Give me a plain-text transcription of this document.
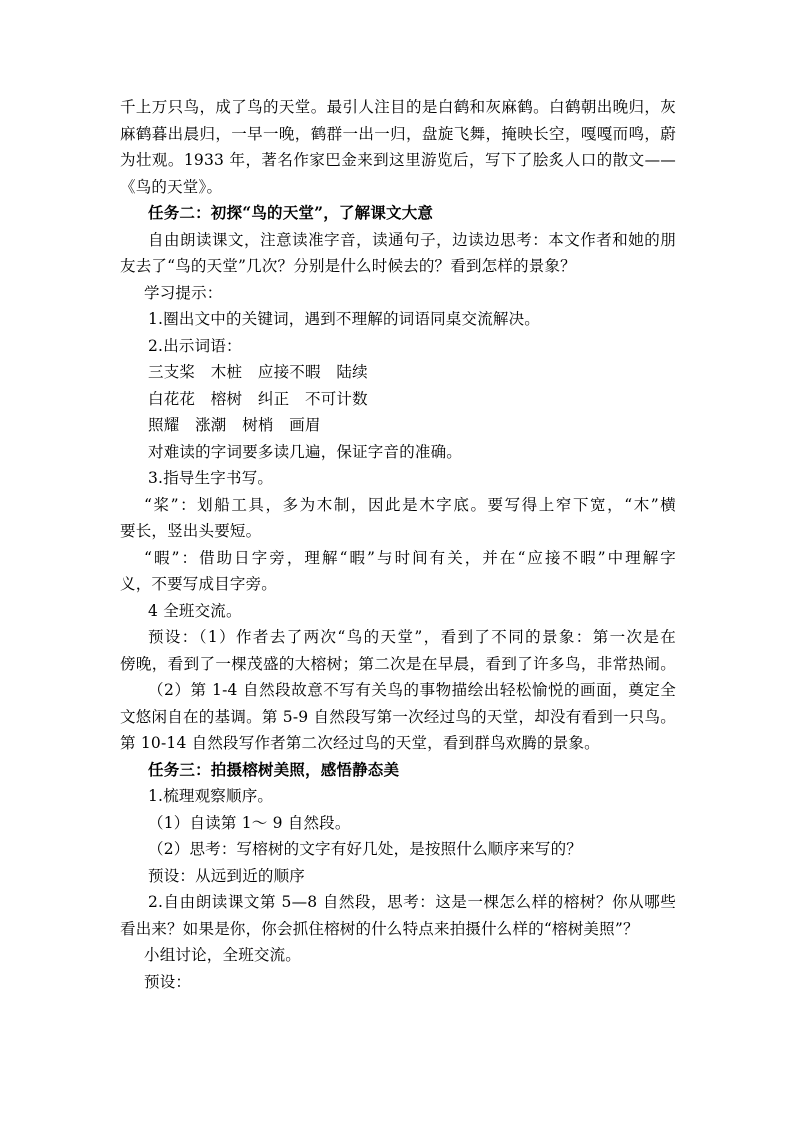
千上万只鸟，成了鸟的天堂。最引人注目的是白鹤和灰麻鹤。白鹤朝出晚归，灰
麻鹤暮出晨归，一早一晚，鹤群一出一归，盘旋飞舞，掩映长空，嘎嘎而鸣，蔚
为壮观。1933 年，著名作家巴金来到这里游览后，写下了脍炙人口的散文——
《鸟的天堂》。
任务二：初探“鸟的天堂”，了解课文大意
自由朗读课文，注意读准字音，读通句子，边读边思考：本文作者和她的朋
友去了“鸟的天堂”几次？分别是什么时候去的？看到怎样的景象？
学习提示：
1.圈出文中的关键词，遇到不理解的词语同桌交流解决。
2.出示词语：
三支桨　木桩　应接不暇　陆续
白花花　榕树　纠正　不可计数
照耀　涨潮　树梢　画眉
对难读的字词要多读几遍，保证字音的准确。
3.指导生字书写。
“桨”：划船工具，多为木制，因此是木字底。要写得上窄下宽，“木”横
要长，竖出头要短。
“暇”：借助日字旁，理解“暇”与时间有关，并在“应接不暇”中理解字
义，不要写成目字旁。
4 全班交流。
预设：（1）作者去了两次“鸟的天堂”，看到了不同的景象：第一次是在
傍晚，看到了一棵茂盛的大榕树；第二次是在早晨，看到了许多鸟，非常热闹。
（2）第 1-4 自然段故意不写有关鸟的事物描绘出轻松愉悦的画面，奠定全
文悠闲自在的基调。第 5-9 自然段写第一次经过鸟的天堂，却没有看到一只鸟。
第 10-14 自然段写作者第二次经过鸟的天堂，看到群鸟欢腾的景象。
任务三：拍摄榕树美照，感悟静态美
1.梳理观察顺序。
（1）自读第 1～ 9 自然段。
（2）思考：写榕树的文字有好几处，是按照什么顺序来写的？
预设：从远到近的顺序
2.自由朗读课文第 5—8 自然段，思考：这是一棵怎么样的榕树？你从哪些
看出来？如果是你，你会抓住榕树的什么特点来拍摄什么样的“榕树美照”？
小组讨论，全班交流。
预设：
